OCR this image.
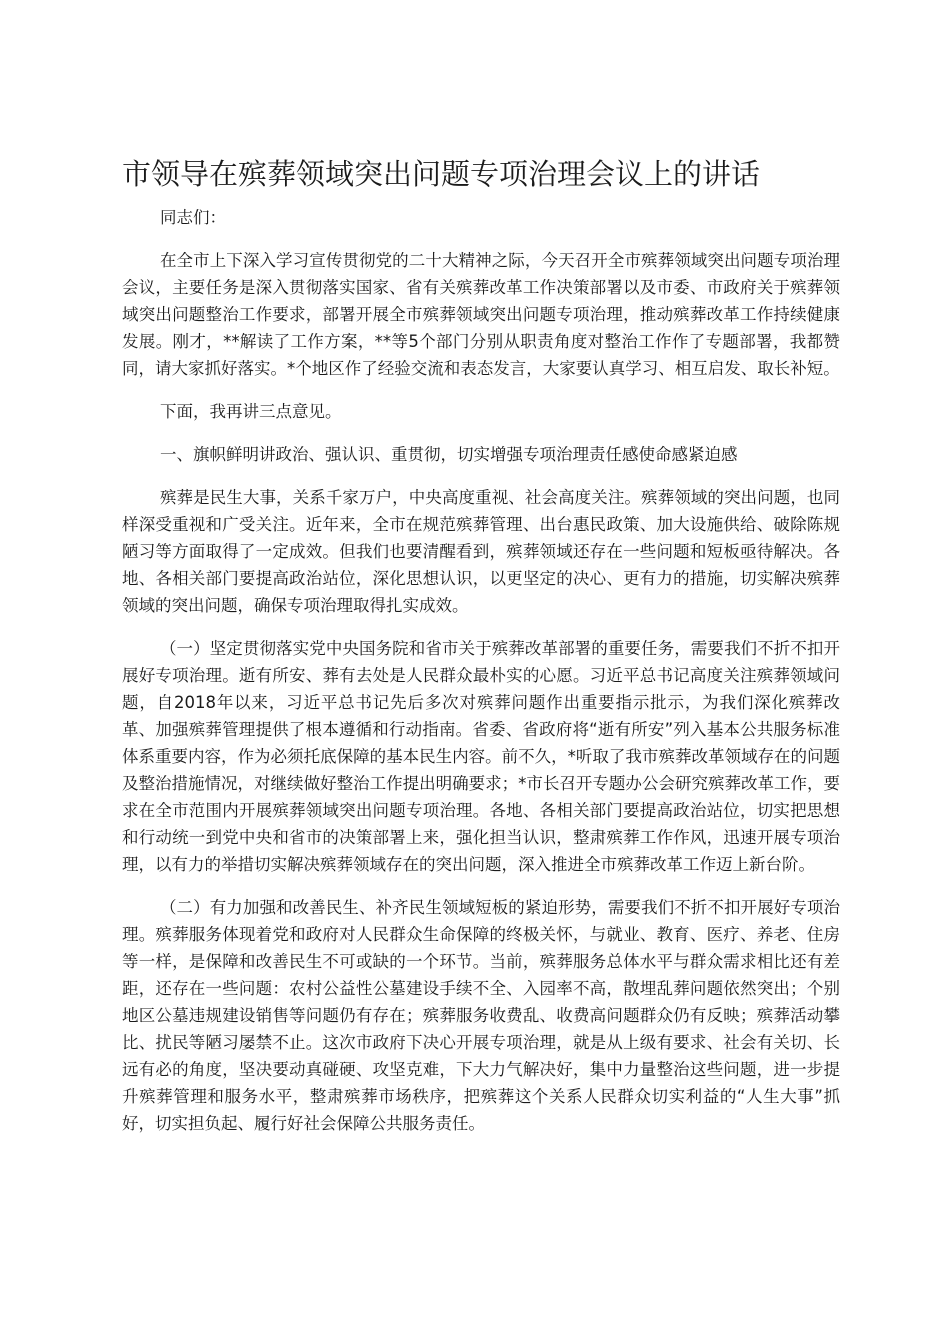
市领导在殡葬领域突出问题专项治理会议上的讲话

同志们：

在全市上下深入学习宣传贯彻党的二十大精神之际，今天召开全市殡葬领域突出问题专项治理会议，主要任务是深入贯彻落实国家、省有关殡葬改革工作决策部署以及市委、市政府关于殡葬领域突出问题整治工作要求，部署开展全市殡葬领域突出问题专项治理，推动殡葬改革工作持续健康发展。刚才，**解读了工作方案，**等5个部门分别从职责角度对整治工作作了专题部署，我都赞同，请大家抓好落实。*个地区作了经验交流和表态发言，大家要认真学习、相互启发、取长补短。

下面，我再讲三点意见。

一、旗帜鲜明讲政治、强认识、重贯彻，切实增强专项治理责任感使命感紧迫感

殡葬是民生大事，关系千家万户，中央高度重视、社会高度关注。殡葬领域的突出问题，也同样深受重视和广受关注。近年来，全市在规范殡葬管理、出台惠民政策、加大设施供给、破除陈规陋习等方面取得了一定成效。但我们也要清醒看到，殡葬领域还存在一些问题和短板亟待解决。各地、各相关部门要提高政治站位，深化思想认识，以更坚定的决心、更有力的措施，切实解决殡葬领域的突出问题，确保专项治理取得扎实成效。

（一）坚定贯彻落实党中央国务院和省市关于殡葬改革部署的重要任务，需要我们不折不扣开展好专项治理。逝有所安、葬有去处是人民群众最朴实的心愿。习近平总书记高度关注殡葬领域问题，自2018年以来，习近平总书记先后多次对殡葬问题作出重要指示批示，为我们深化殡葬改革、加强殡葬管理提供了根本遵循和行动指南。省委、省政府将“逝有所安”列入基本公共服务标准体系重要内容，作为必须托底保障的基本民生内容。前不久，*听取了我市殡葬改革领域存在的问题及整治措施情况，对继续做好整治工作提出明确要求；*市长召开专题办公会研究殡葬改革工作，要求在全市范围内开展殡葬领域突出问题专项治理。各地、各相关部门要提高政治站位，切实把思想和行动统一到党中央和省市的决策部署上来，强化担当认识，整肃殡葬工作作风，迅速开展专项治理，以有力的举措切实解决殡葬领域存在的突出问题，深入推进全市殡葬改革工作迈上新台阶。

（二）有力加强和改善民生、补齐民生领域短板的紧迫形势，需要我们不折不扣开展好专项治理。殡葬服务体现着党和政府对人民群众生命保障的终极关怀，与就业、教育、医疗、养老、住房等一样，是保障和改善民生不可或缺的一个环节。当前，殡葬服务总体水平与群众需求相比还有差距，还存在一些问题：农村公益性公墓建设手续不全、入园率不高，散埋乱葬问题依然突出；个别地区公墓违规建设销售等问题仍有存在；殡葬服务收费乱、收费高问题群众仍有反映；殡葬活动攀比、扰民等陋习屡禁不止。这次市政府下决心开展专项治理，就是从上级有要求、社会有关切、长远有必的角度，坚决要动真碰硬、攻坚克难，下大力气解决好，集中力量整治这些问题，进一步提升殡葬管理和服务水平，整肃殡葬市场秩序，把殡葬这个关系人民群众切实利益的“人生大事”抓好，切实担负起、履行好社会保障公共服务责任。
